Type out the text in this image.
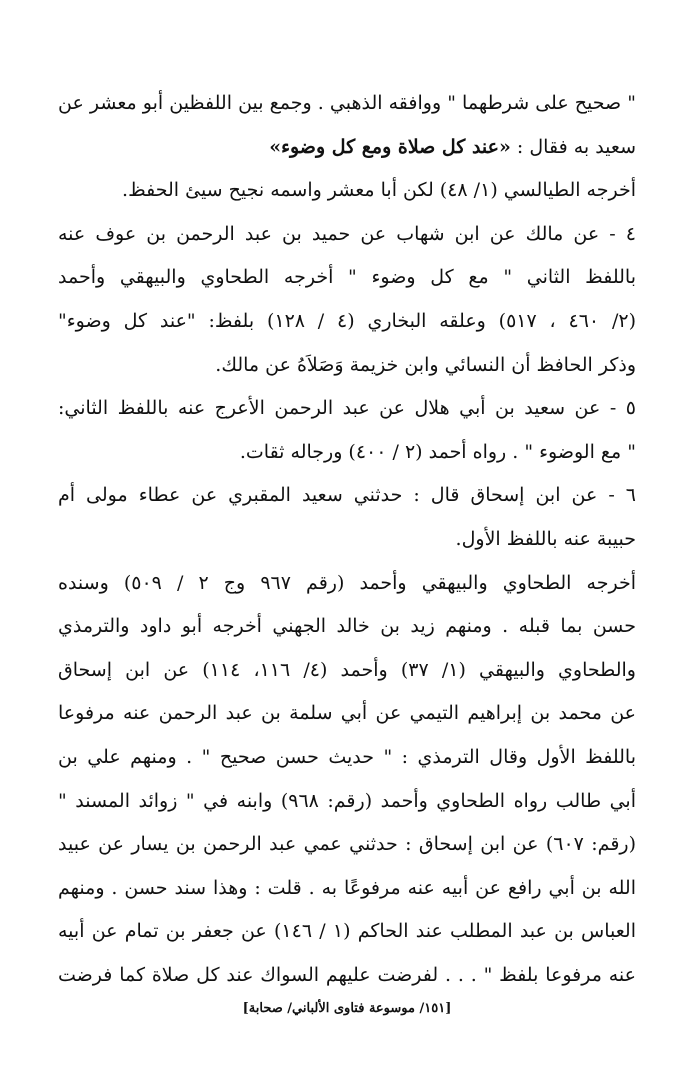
" صحيح على شرطهما " ووافقه الذهبي . وجمع بين اللفظين أبو معشر عن
سعيد به فقال : «عند كل صلاة ومع كل وضوء»
أخرجه الطيالسي (١/ ٤٨) لكن أبا معشر واسمه نجيح سيئ الحفظ.
٤ - عن مالك عن ابن شهاب عن حميد بن عبد الرحمن بن عوف عنه
باللفظ الثاني " مع كل وضوء " أخرجه الطحاوي والبيهقي وأحمد
(٢/ ٤٦٠ ، ٥١٧) وعلقه البخاري (٤ / ١٢٨) بلفظ: "عند كل وضوء"
وذكر الحافظ أن النسائي وابن خزيمة وَصَلاَهُ عن مالك.
٥ - عن سعيد بن أبي هلال عن عبد الرحمن الأعرج عنه باللفظ الثاني:
" مع الوضوء " . رواه أحمد (٢ / ٤٠٠) ورجاله ثقات.
٦ - عن ابن إسحاق قال : حدثني سعيد المقبري عن عطاء مولى أم
حبيبة عنه باللفظ الأول.
أخرجه الطحاوي والبيهقي وأحمد (رقم ٩٦٧ وج ٢ / ٥٠٩) وسنده
حسن بما قبله . ومنهم زيد بن خالد الجهني أخرجه أبو داود والترمذي
والطحاوي والبيهقي (١/ ٣٧) وأحمد (٤/ ١١٦، ١١٤) عن ابن إسحاق
عن محمد بن إبراهيم التيمي عن أبي سلمة بن عبد الرحمن عنه مرفوعا
باللفظ الأول وقال الترمذي : " حديث حسن صحيح " . ومنهم علي بن
أبي طالب رواه الطحاوي وأحمد (رقم: ٩٦٨) وابنه في " زوائد المسند "
(رقم: ٦٠٧) عن ابن إسحاق : حدثني عمي عبد الرحمن بن يسار عن عبيد
الله بن أبي رافع عن أبيه عنه مرفوعًا به . قلت : وهذا سند حسن . ومنهم
العباس بن عبد المطلب عند الحاكم (١ / ١٤٦) عن جعفر بن تمام عن أبيه
عنه مرفوعا بلفظ " . . . لفرضت عليهم السواك عند كل صلاة كما فرضت
[١٥١/ موسوعة فتاوى الألباني/ صحابة]
